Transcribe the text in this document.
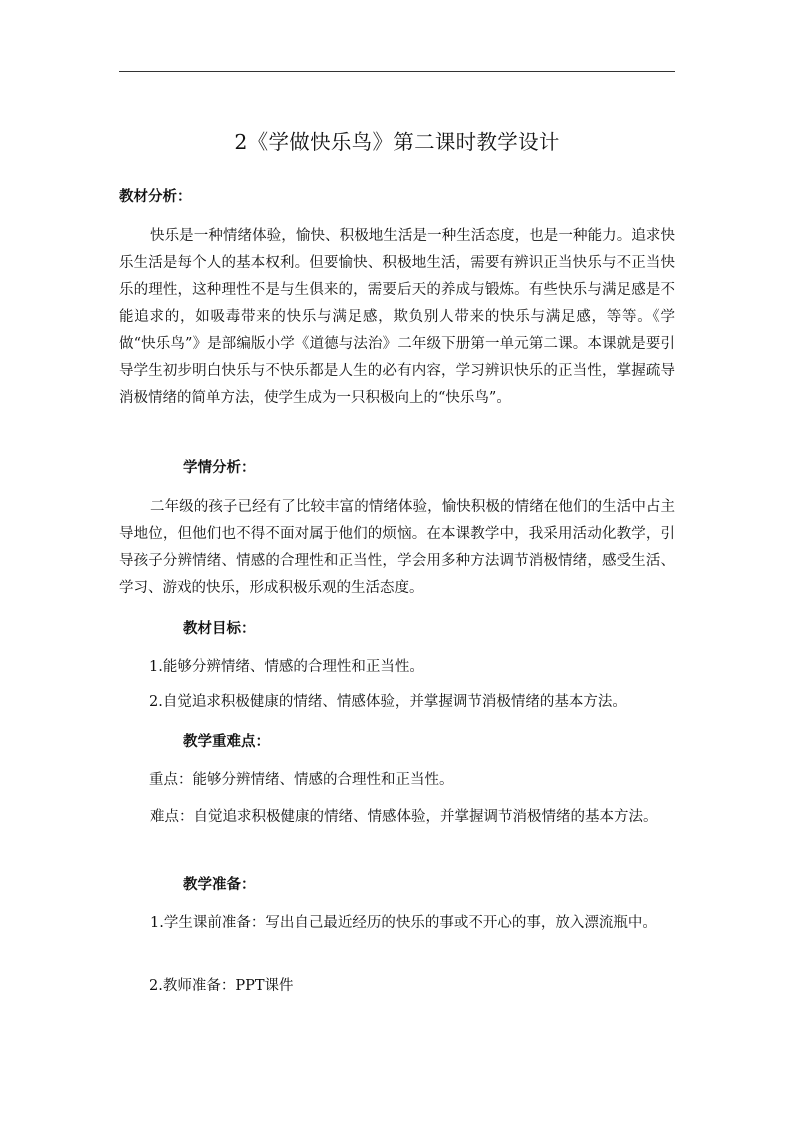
2《学做快乐鸟》第二课时教学设计
教材分析：
快乐是一种情绪体验，愉快、积极地生活是一种生活态度，也是一种能力。追求快乐生活是每个人的基本权利。但要愉快、积极地生活，需要有辨识正当快乐与不正当快乐的理性，这种理性不是与生俱来的，需要后天的养成与锻炼。有些快乐与满足感是不能追求的，如吸毒带来的快乐与满足感，欺负别人带来的快乐与满足感，等等。《学做“快乐鸟”》是部编版小学《道德与法治》二年级下册第一单元第二课。本课就是要引导学生初步明白快乐与不快乐都是人生的必有内容，学习辨识快乐的正当性，掌握疏导消极情绪的简单方法，使学生成为一只积极向上的“快乐鸟”。
学情分析：
二年级的孩子已经有了比较丰富的情绪体验，愉快积极的情绪在他们的生活中占主导地位，但他们也不得不面对属于他们的烦恼。在本课教学中，我采用活动化教学，引导孩子分辨情绪、情感的合理性和正当性，学会用多种方法调节消极情绪，感受生活、学习、游戏的快乐，形成积极乐观的生活态度。
教材目标：
1.能够分辨情绪、情感的合理性和正当性。
2.自觉追求积极健康的情绪、情感体验，并掌握调节消极情绪的基本方法。
教学重难点：
重点：能够分辨情绪、情感的合理性和正当性。
难点：自觉追求积极健康的情绪、情感体验，并掌握调节消极情绪的基本方法。
教学准备：
1.学生课前准备：写出自己最近经历的快乐的事或不开心的事，放入漂流瓶中。
2.教师准备：PPT课件
